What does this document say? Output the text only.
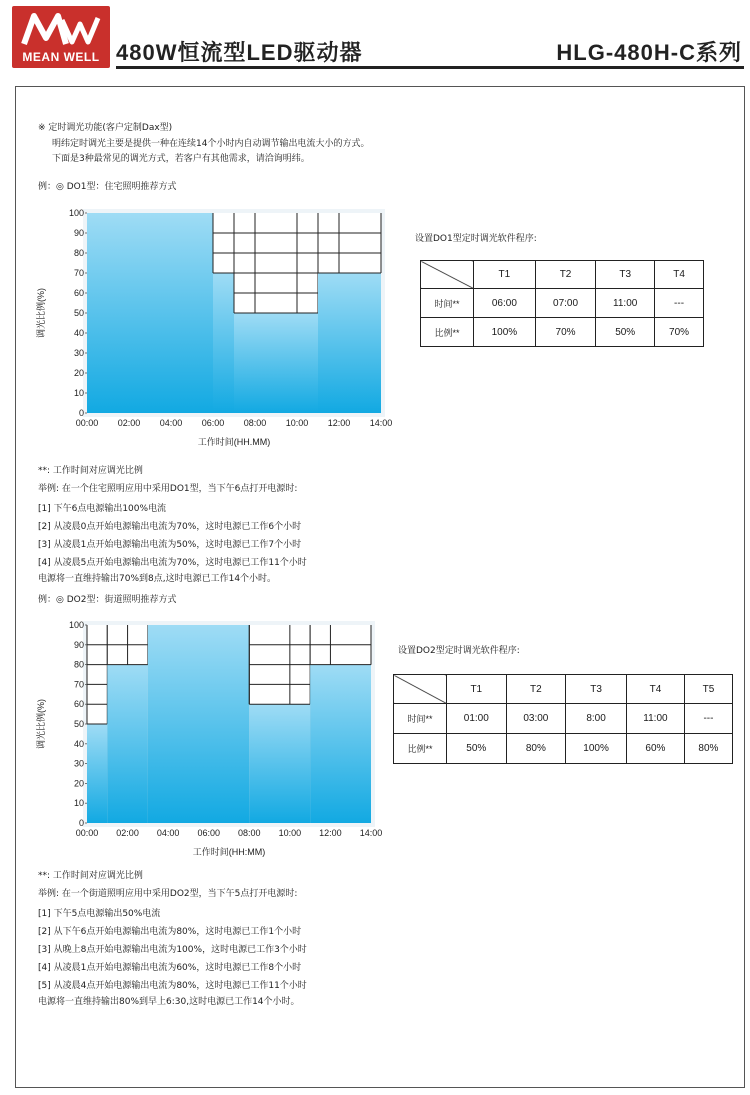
MEAN WELL 480W恒流型LED驱动器	HLG-480H-C系列
※ 定时调光功能(客户定制Dax型)
明纬定时调光主要是提供一种在连续14个小时内自动调节输出电流大小的方式。
下面是3种最常见的调光方式，若客户有其他需求，请洽询明纬。
例：◎ DO1型：住宅照明推荐方式
0
10
20
30
40
50
60
70
80
90
100
00:00 02:00 04:00 06:00 08:00 10:00 12:00 14:00
工作时间(HH.MM)
调光比例(%)
设置DO1型定时调光软件程序:
	T1	T2	T3	T4
时间**	06:00	07:00	11:00	---
比例**	100%	70%	50%	70%
**: 工作时间对应调光比例
举例: 在一个住宅照明应用中采用DO1型，当下午6点打开电源时:
[1] 下午6点电源输出100%电流
[2] 从凌晨0点开始电源输出电流为70%，这时电源已工作6个小时
[3] 从凌晨1点开始电源输出电流为50%，这时电源已工作7个小时
[4] 从凌晨5点开始电源输出电流为70%，这时电源已工作11个小时
电源将一直维持输出70%到8点,这时电源已工作14个小时。
例：◎ DO2型：街道照明推荐方式
0
10
20
30
40
50
60
70
80
90
100
00:00 02:00 04:00 06:00 08:00 10:00 12:00 14:00
工作时间(HH:MM)
调光比例(%)
设置DO2型定时调光软件程序:
	T1	T2	T3	T4	T5
时间**	01:00	03:00	8:00	11:00	---
比例**	50%	80%	100%	60%	80%
**: 工作时间对应调光比例
举例: 在一个街道照明应用中采用DO2型，当下午5点打开电源时:
[1] 下午5点电源输出50%电流
[2] 从下午6点开始电源输出电流为80%，这时电源已工作1个小时
[3] 从晚上8点开始电源输出电流为100%，这时电源已工作3个小时
[4] 从凌晨1点开始电源输出电流为60%，这时电源已工作8个小时
[5] 从凌晨4点开始电源输出电流为80%，这时电源已工作11个小时
电源将一直维持输出80%到早上6:30,这时电源已工作14个小时。
